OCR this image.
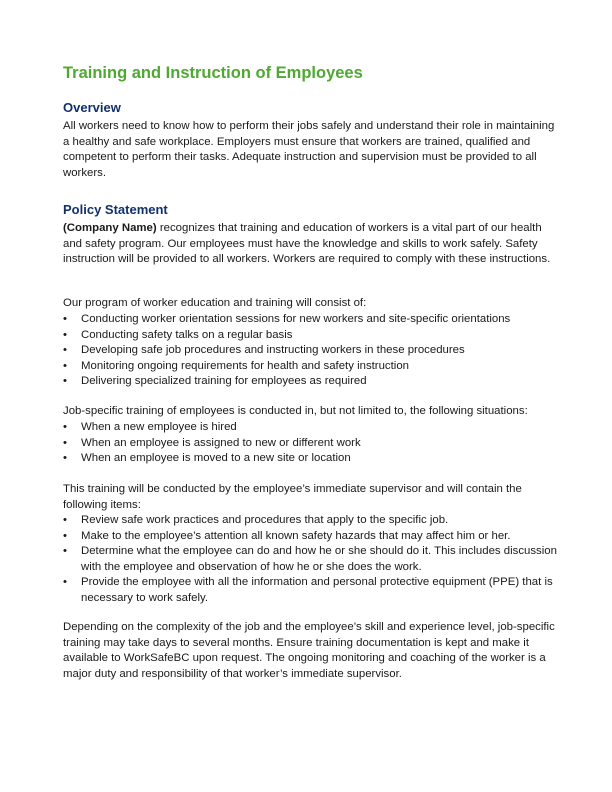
Training and Instruction of Employees
Overview

All workers need to know how to perform their jobs safely and understand their role in maintaining a healthy and safe workplace. Employers must ensure that workers are trained, qualified and competent to perform their tasks. Adequate instruction and supervision must be provided to all workers.

Policy Statement

(Company Name) recognizes that training and education of workers is a vital part of our health and safety program. Our employees must have the knowledge and skills to work safely. Safety instruction will be provided to all workers. Workers are required to comply with these instructions.

Our program of worker education and training will consist of:

•	Conducting worker orientation sessions for new workers and site-specific orientations
•	Conducting safety talks on a regular basis
•	Developing safe job procedures and instructing workers in these procedures
•	Monitoring ongoing requirements for health and safety instruction
•	Delivering specialized training for employees as required

Job-specific training of employees is conducted in, but not limited to, the following situations:

•	When a new employee is hired
•	When an employee is assigned to new or different work
•	When an employee is moved to a new site or location

This training will be conducted by the employee’s immediate supervisor and will contain the following items:

•	Review safe work practices and procedures that apply to the specific job.
•	Make to the employee’s attention all known safety hazards that may affect him or her.
•	Determine what the employee can do and how he or she should do it. This includes discussion with the employee and observation of how he or she does the work.
•	Provide the employee with all the information and personal protective equipment (PPE) that is necessary to work safely.

Depending on the complexity of the job and the employee’s skill and experience level, job-specific training may take days to several months. Ensure training documentation is kept and make it available to WorkSafeBC upon request. The ongoing monitoring and coaching of the worker is a major duty and responsibility of that worker’s immediate supervisor.
